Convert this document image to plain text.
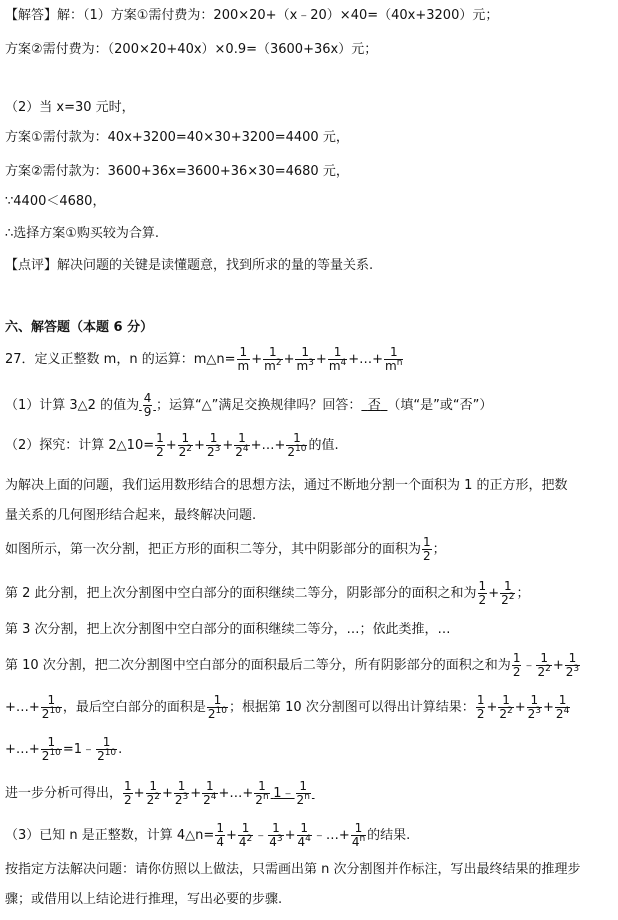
【解答】解：（1）方案①需付费为：200×20+（x﹣20）×40=（40x+3200）元；
方案②需付费为：（200×20+40x）×0.9=（3600+36x）元；
（2）当 x=30 元时，
方案①需付款为：40x+3200=40×30+3200=4400 元，
方案②需付款为：3600+36x=3600+36×30=4680 元，
∵4400＜4680，
∴选择方案①购买较为合算.
【点评】解决问题的关键是读懂题意，找到所求的量的等量关系.
六、解答题（本题 6 分）
27．定义正整数 m，n 的运算：m△n= $\frac{1}{m} + \frac{1}{m^2} + \frac{1}{m^3} + \frac{1}{m^4}$ +…+ $\frac{1}{m^n}$
（1）计算 3△2 的值为  $\frac{4}{9}$
  ；运算“△”满足交换规律吗？回答：  否  （填“是”或“否”）
（2）探究：计算 2△10= $\frac{1}{2} + \frac{1}{2^2} + \frac{1}{2^3} + \frac{1}{2^4}$ +…+ $\frac{1}{2^{10}}$ 的值.
为解决上面的问题，我们运用数形结合的思想方法，通过不断地分割一个面积为 1 的正方形，把数
量关系的几何图形结合起来，最终解决问题.
如图所示，第一次分割，把正方形的面积二等分，其中阴影部分的面积为 $\frac{1}{2}$ ；
第 2 此分割，把上次分割图中空白部分的面积继续二等分，阴影部分的面积之和为 $\frac{1}{2} + \frac{1}{2^2}$ ；
第 3 次分割，把上次分割图中空白部分的面积继续二等分，…；依此类推，…
第 10 次分割，把二次分割图中空白部分的面积最后二等分，所有阴影部分的面积之和为 $\frac{1}{2}$ ﹣ $\frac{1}{2^2} + \frac{1}{2^3}$
+…+ $\frac{1}{2^{10}}$ ，最后空白部分的面积是 $\frac{1}{2^{10}}$ ；根据第 10 次分割图可以得出计算结果： $\frac{1}{2} + \frac{1}{2^2} + \frac{1}{2^3} + \frac{1}{2^4}$
+…+ $\frac{1}{2^{10}}$ =1﹣ $\frac{1}{2^{10}}$ .
进一步分析可得出， $\frac{1}{2} + \frac{1}{2^2} + \frac{1}{2^3} + \frac{1}{2^4}$ +…+ $\frac{1}{2^n}$
  1﹣ $\frac{1}{2^n}$

（3）已知 n 是正整数，计算 4△n= $\frac{1}{4} + \frac{1}{4^2}$ ﹣ $\frac{1}{4^3} + \frac{1}{4^4}$ ﹣…+ $\frac{1}{4^n}$ 的结果.
按指定方法解决问题：请你仿照以上做法，只需画出第 n 次分割图并作标注，写出最终结果的推理步
骤；或借用以上结论进行推理，写出必要的步骤.
